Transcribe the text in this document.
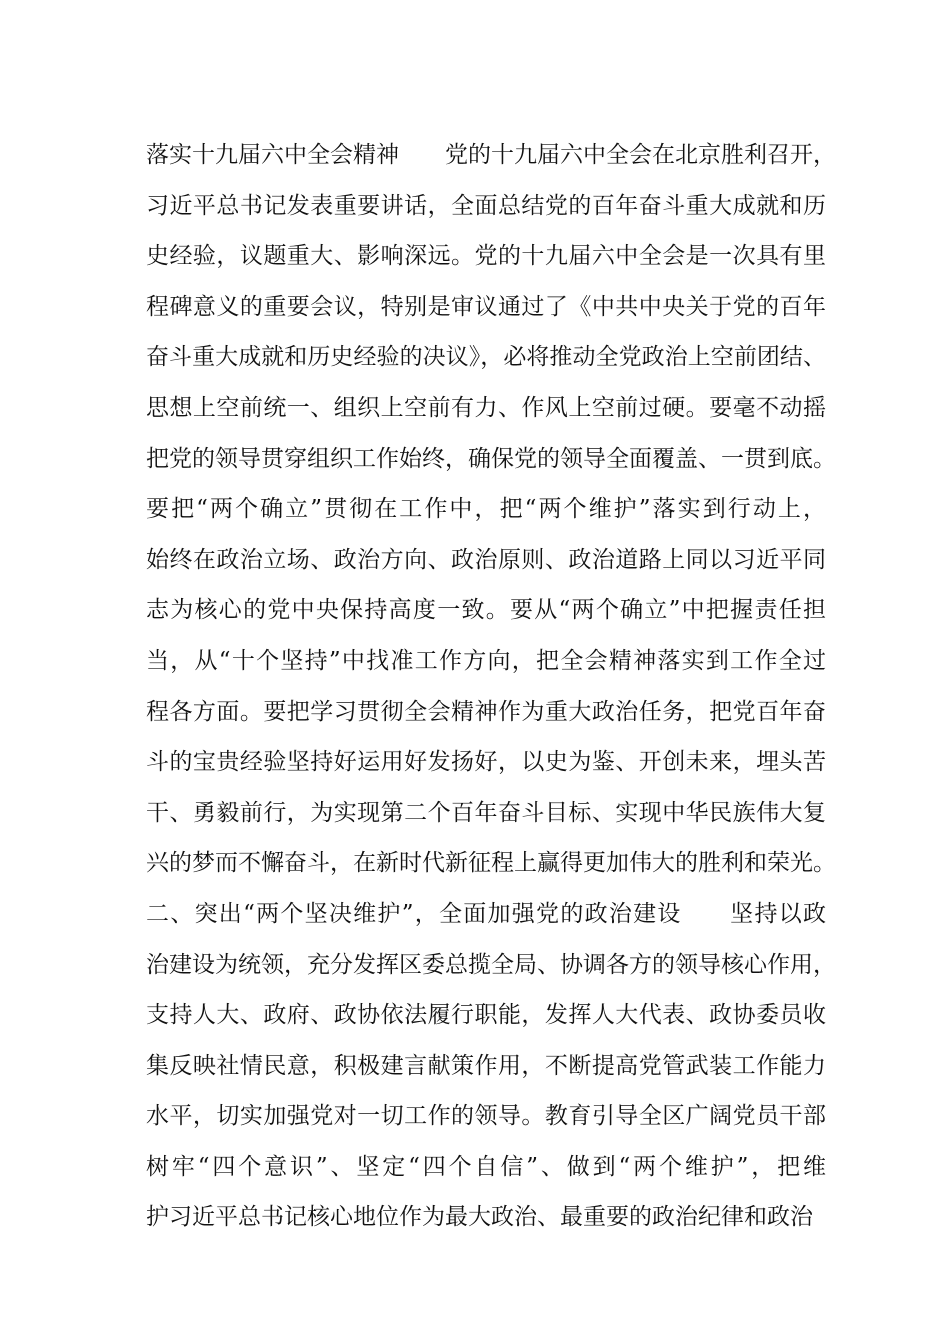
落实十九届六中全会精神　　党的十九届六中全会在北京胜利召开，
习近平总书记发表重要讲话，全面总结党的百年奋斗重大成就和历
史经验，议题重大、影响深远。党的十九届六中全会是一次具有里
程碑意义的重要会议，特别是审议通过了《中共中央关于党的百年
奋斗重大成就和历史经验的决议》，必将推动全党政治上空前团结、
思想上空前统一、组织上空前有力、作风上空前过硬。要毫不动摇
把党的领导贯穿组织工作始终，确保党的领导全面覆盖、一贯到底。
要把“两个确立”贯彻在工作中，把“两个维护”落实到行动上，
始终在政治立场、政治方向、政治原则、政治道路上同以习近平同
志为核心的党中央保持高度一致。要从“两个确立”中把握责任担
当，从“十个坚持”中找准工作方向，把全会精神落实到工作全过
程各方面。要把学习贯彻全会精神作为重大政治任务，把党百年奋
斗的宝贵经验坚持好运用好发扬好，以史为鉴、开创未来，埋头苦
干、勇毅前行，为实现第二个百年奋斗目标、实现中华民族伟大复
兴的梦而不懈奋斗，在新时代新征程上赢得更加伟大的胜利和荣光。
二、突出“两个坚决维护”，全面加强党的政治建设　　坚持以政
治建设为统领，充分发挥区委总揽全局、协调各方的领导核心作用，
支持人大、政府、政协依法履行职能，发挥人大代表、政协委员收
集反映社情民意，积极建言献策作用，不断提高党管武装工作能力
水平，切实加强党对一切工作的领导。教育引导全区广阔党员干部
树牢“四个意识”、坚定“四个自信”、做到“两个维护”，把维
护习近平总书记核心地位作为最大政治、最重要的政治纪律和政治
